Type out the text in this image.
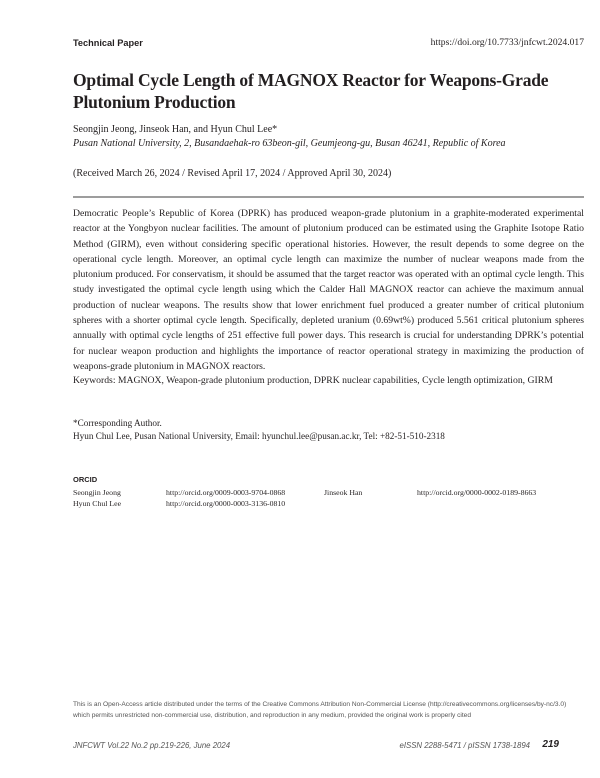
Technical Paper	https://doi.org/10.7733/jnfcwt.2024.017
Optimal Cycle Length of MAGNOX Reactor for Weapons-Grade Plutonium Production
Seongjin Jeong, Jinseok Han, and Hyun Chul Lee*
Pusan National University, 2, Busandaehak-ro 63beon-gil, Geumjeong-gu, Busan 46241, Republic of Korea
(Received March 26, 2024 / Revised April 17, 2024 / Approved April 30, 2024)

Democratic People’s Republic of Korea (DPRK) has produced weapon-grade plutonium in a graphite-moderated experimental reactor at the Yongbyon nuclear facilities. The amount of plutonium produced can be estimated using the Graphite Isotope Ratio Method (GIRM), even without considering specific operational histories. However, the result depends to some degree on the operational cycle length. Moreover, an optimal cycle length can maximize the number of nuclear weapons made from the plutonium produced. For conservatism, it should be assumed that the target reactor was operated with an optimal cycle length. This study investigated the optimal cycle length using which the Calder Hall MAGNOX reactor can achieve the maximum annual production of nuclear weapons. The results show that lower enrichment fuel produced a greater number of critical plutonium spheres with a shorter optimal cycle length. Specifically, depleted uranium (0.69wt%) produced 5.561 critical plutonium spheres annually with optimal cycle lengths of 251 effective full power days. This research is crucial for understanding DPRK’s potential for nuclear weapon production and highlights the importance of reactor operational strategy in maximizing the production of weapons-grade plutonium in MAGNOX reactors.

Keywords: MAGNOX, Weapon-grade plutonium production, DPRK nuclear capabilities, Cycle length optimization, GIRM
*Corresponding Author.
Hyun Chul Lee, Pusan National University, Email: hyunchul.lee@pusan.ac.kr, Tel: +82-51-510-2318
ORCID
Seongjin Jeong	http://orcid.org/0009-0003-9704-0868	Jinseok Han	http://orcid.org/0000-0002-0189-8663
Hyun Chul Lee	http://orcid.org/0000-0003-3136-0810
This is an Open-Access article distributed under the terms of the Creative Commons Attribution Non-Commercial License (http://creativecommons.org/licenses/by-nc/3.0) which permits unrestricted non-commercial use, distribution, and reproduction in any medium, provided the original work is properly cited
JNFCWT Vol.22 No.2 pp.219-226, June 2024	eISSN 2288-5471 / pISSN 1738-1894 219
